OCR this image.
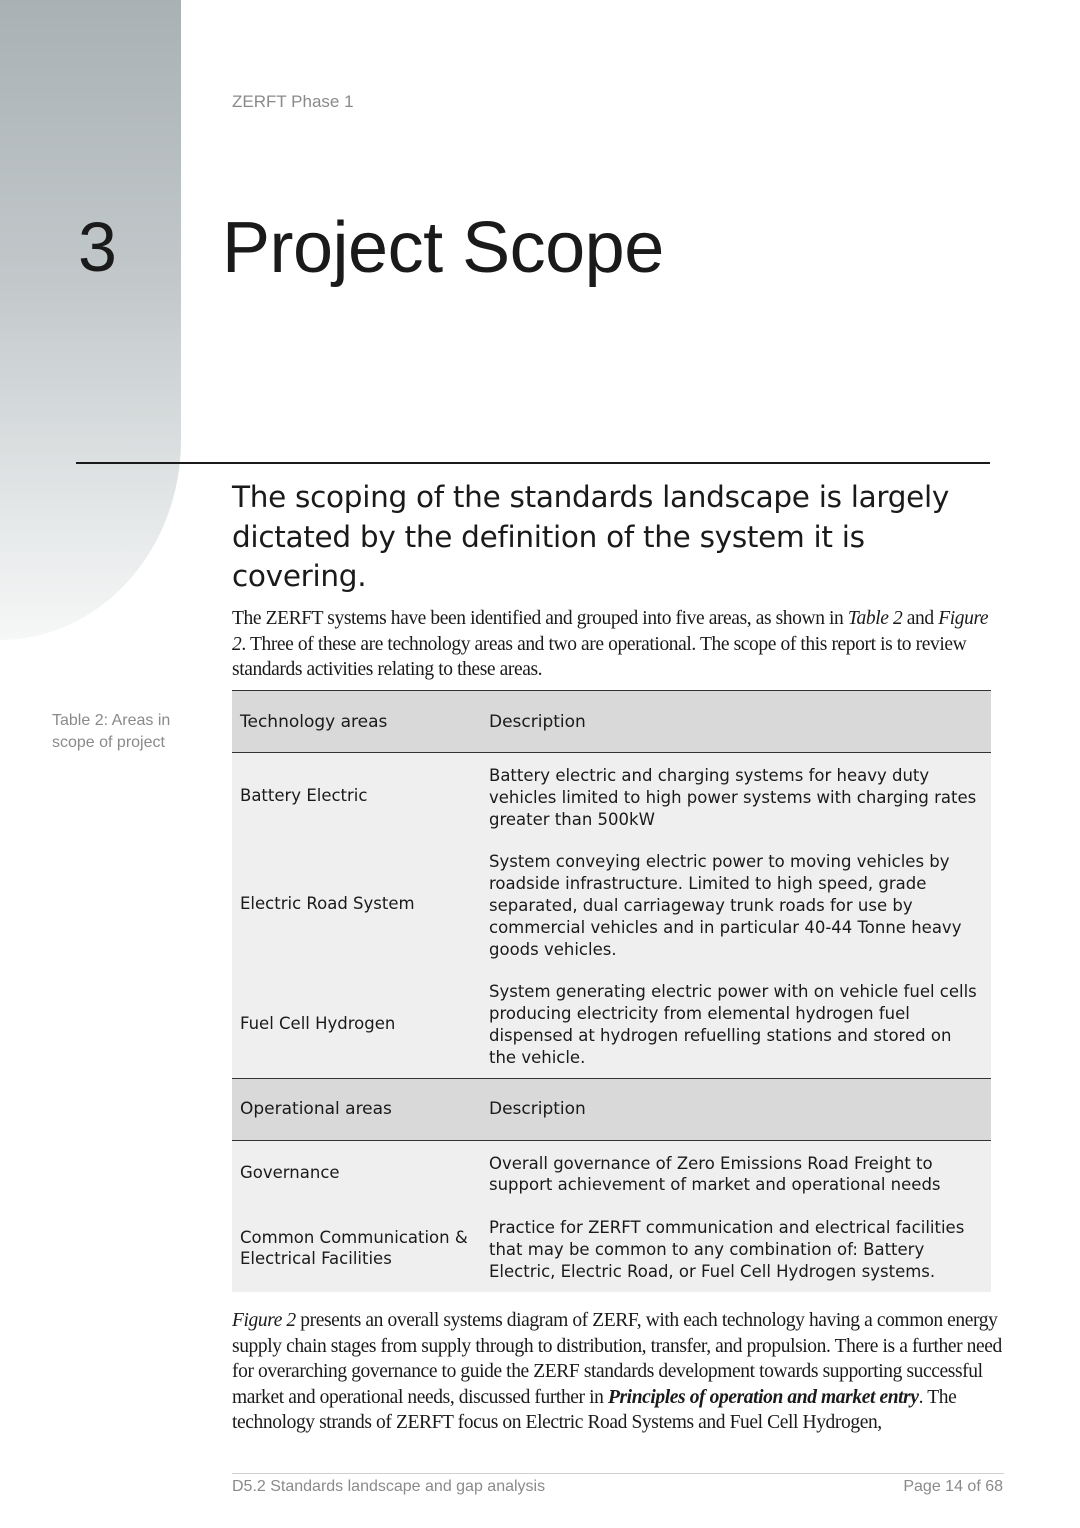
ZERFT Phase 1
3 Project Scope
The scoping of the standards landscape is largely dictated by the definition of the system it is covering.

The ZERFT systems have been identified and grouped into five areas, as shown in Table 2 and Figure 2. Three of these are technology areas and two are operational. The scope of this report is to review standards activities relating to these areas.

Table 2: Areas in scope of project
Technology areas	Description
Battery Electric	Battery electric and charging systems for heavy duty vehicles limited to high power systems with charging rates greater than 500kW
Electric Road System	System conveying electric power to moving vehicles by roadside infrastructure. Limited to high speed, grade separated, dual carriageway trunk roads for use by commercial vehicles and in particular 40-44 Tonne heavy goods vehicles.
Fuel Cell Hydrogen	System generating electric power with on vehicle fuel cells producing electricity from elemental hydrogen fuel dispensed at hydrogen refuelling stations and stored on the vehicle.
Operational areas	Description
Governance	Overall governance of Zero Emissions Road Freight to support achievement of market and operational needs
Common Communication & Electrical Facilities	Practice for ZERFT communication and electrical facilities that may be common to any combination of: Battery Electric, Electric Road, or Fuel Cell Hydrogen systems.

Figure 2 presents an overall systems diagram of ZERF, with each technology having a common energy supply chain stages from supply through to distribution, transfer, and propulsion. There is a further need for overarching governance to guide the ZERF standards development towards supporting successful market and operational needs, discussed further in Principles of operation and market entry. The technology strands of ZERFT focus on Electric Road Systems and Fuel Cell Hydrogen,

D5.2 Standards landscape and gap analysis	Page 14 of 68
